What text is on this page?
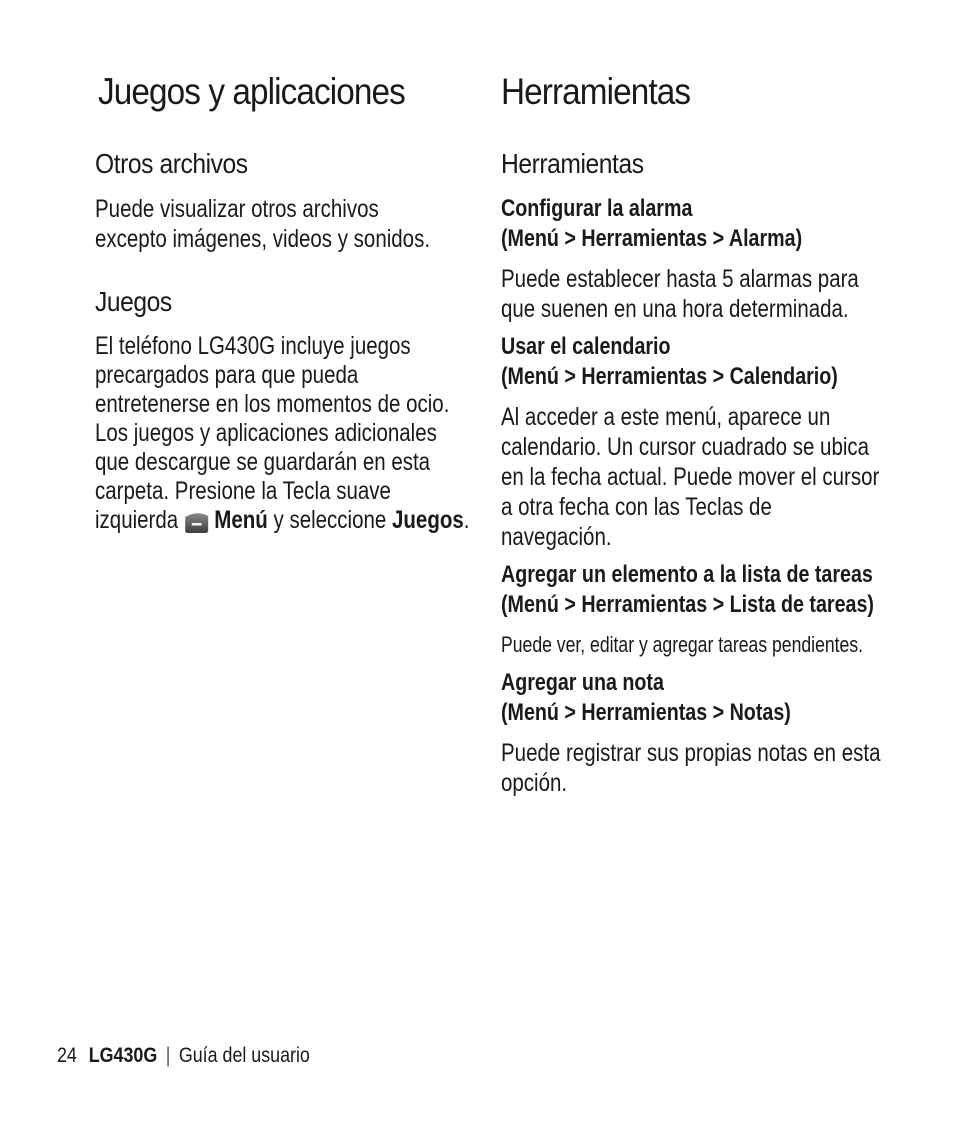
Juegos y aplicaciones
Otros archivos

Puede visualizar otros archivos excepto imágenes, videos y sonidos.

Juegos

El teléfono LG430G incluye juegos precargados para que pueda entretenerse en los momentos de ocio. Los juegos y aplicaciones adicionales que descargue se guardarán en esta carpeta. Presione la Tecla suave izquierda Menú y seleccione Juegos.

Herramientas
Herramientas
Configurar la alarma
(Menú > Herramientas > Alarma)

Puede establecer hasta 5 alarmas para que suenen en una hora determinada.

Usar el calendario
(Menú > Herramientas > Calendario)

Al acceder a este menú, aparece un calendario. Un cursor cuadrado se ubica en la fecha actual. Puede mover el cursor a otra fecha con las Teclas de navegación.

Agregar un elemento a la lista de tareas
(Menú > Herramientas > Lista de tareas)

Puede ver, editar y agregar tareas pendientes.

Agregar una nota
(Menú > Herramientas > Notas)

Puede registrar sus propias notas en esta opción.

24 LG430G | Guía del usuario
